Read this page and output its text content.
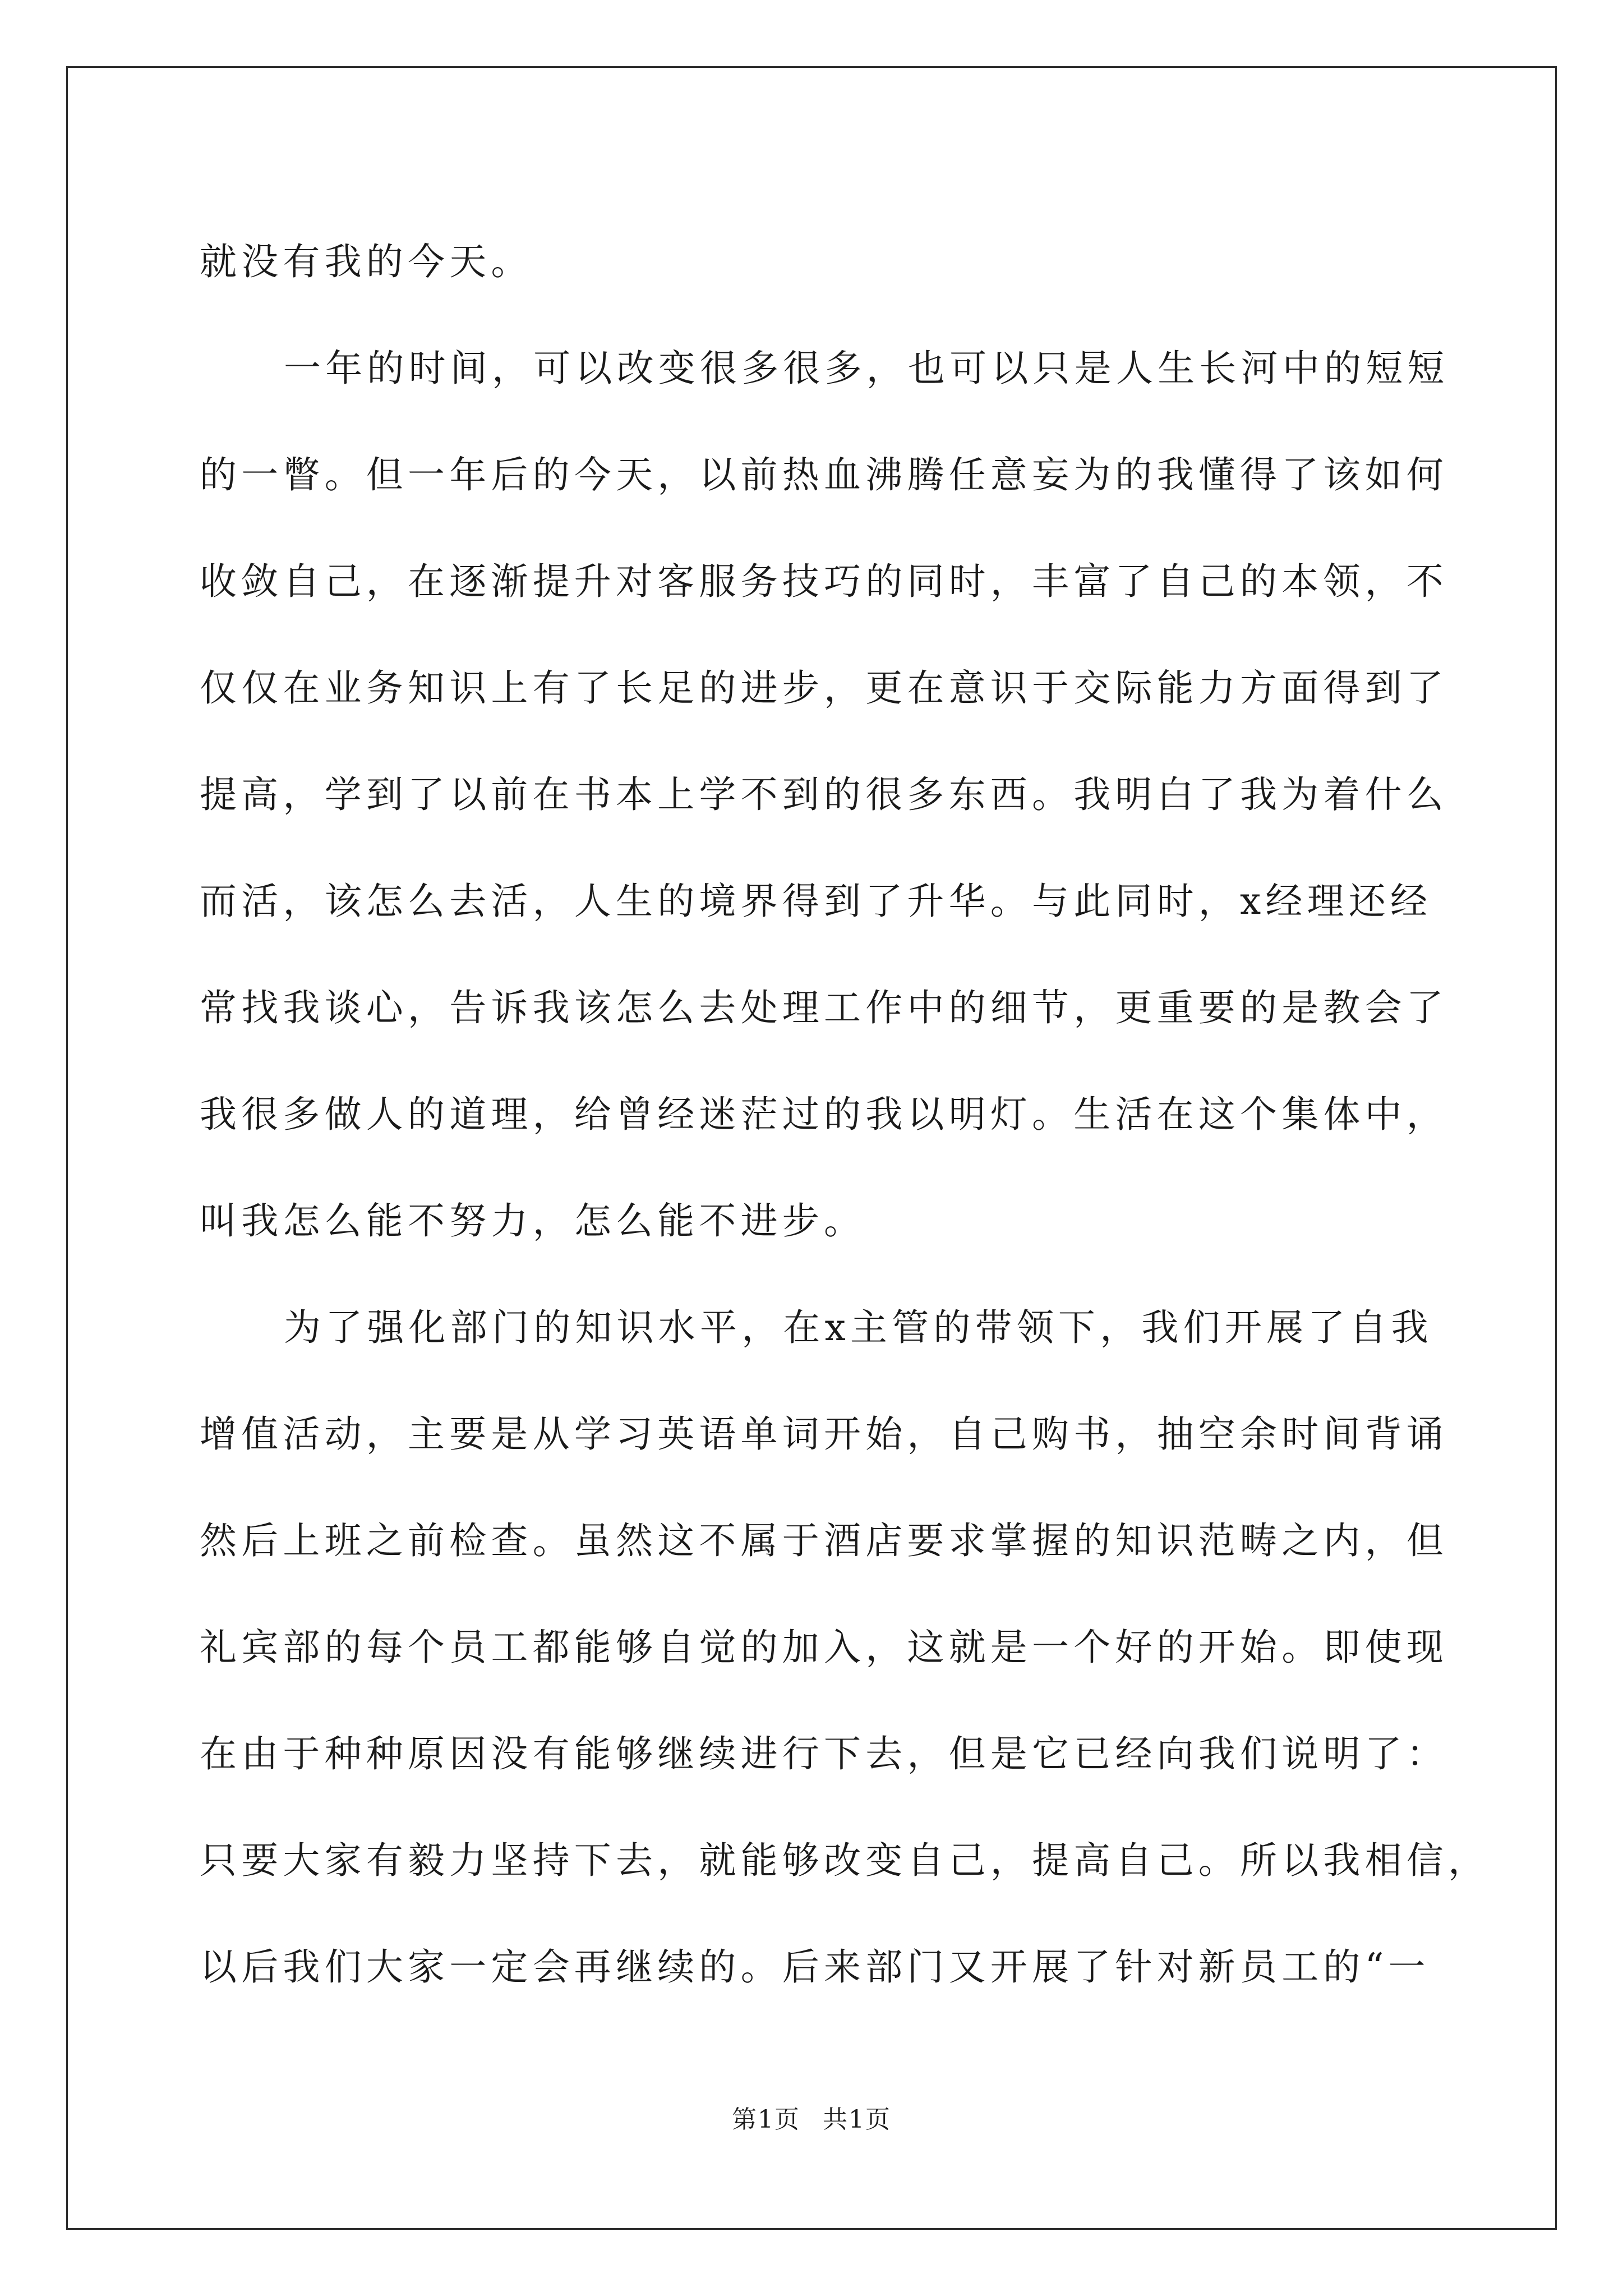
就没有我的今天。
一年的时间，可以改变很多很多，也可以只是人生长河中的短短
的一瞥。但一年后的今天，以前热血沸腾任意妄为的我懂得了该如何
收敛自己，在逐渐提升对客服务技巧的同时，丰富了自己的本领，不
仅仅在业务知识上有了长足的进步，更在意识于交际能力方面得到了
提高，学到了以前在书本上学不到的很多东西。我明白了我为着什么
而活，该怎么去活，人生的境界得到了升华。与此同时，x经理还经
常找我谈心，告诉我该怎么去处理工作中的细节，更重要的是教会了
我很多做人的道理，给曾经迷茫过的我以明灯。生活在这个集体中，
叫我怎么能不努力，怎么能不进步。
为了强化部门的知识水平，在x主管的带领下，我们开展了自我
增值活动，主要是从学习英语单词开始，自己购书，抽空余时间背诵
然后上班之前检查。虽然这不属于酒店要求掌握的知识范畴之内，但
礼宾部的每个员工都能够自觉的加入，这就是一个好的开始。即使现
在由于种种原因没有能够继续进行下去，但是它已经向我们说明了：
只要大家有毅力坚持下去，就能够改变自己，提高自己。所以我相信，
以后我们大家一定会再继续的。后来部门又开展了针对新员工的“一
第1页 共1页
